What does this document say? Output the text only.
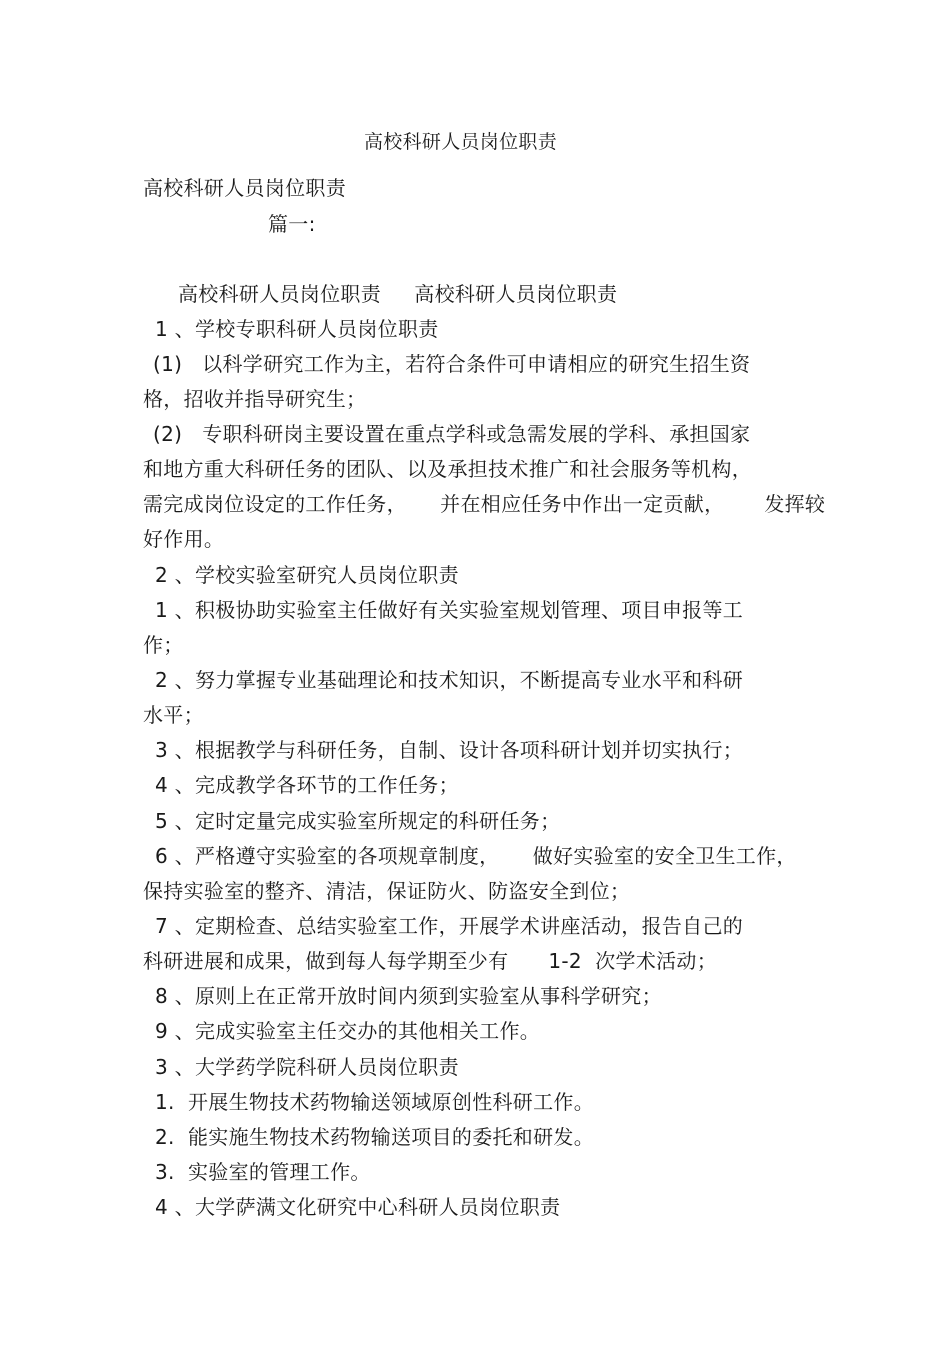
高校科研人员岗位职责
高校科研人员岗位职责
篇一:
高校科研人员岗位职责     高校科研人员岗位职责
1 、学校专职科研人员岗位职责
(1)   以科学研究工作为主，若符合条件可申请相应的研究生招生资
格，招收并指导研究生；
(2)   专职科研岗主要设置在重点学科或急需发展的学科、承担国家
和地方重大科研任务的团队、以及承担技术推广和社会服务等机构，
需完成岗位设定的工作任务，     并在相应任务中作出一定贡献，      发挥较
好作用。
2 、学校实验室研究人员岗位职责
1 、积极协助实验室主任做好有关实验室规划管理、项目申报等工
作；
2 、努力掌握专业基础理论和技术知识，不断提高专业水平和科研
水平；
3 、根据教学与科研任务，自制、设计各项科研计划并切实执行；
4 、完成教学各环节的工作任务；
5 、定时定量完成实验室所规定的科研任务；
6 、严格遵守实验室的各项规章制度，     做好实验室的安全卫生工作，
保持实验室的整齐、清洁，保证防火、防盗安全到位；
7 、定期检查、总结实验室工作，开展学术讲座活动，报告自己的
科研进展和成果，做到每人每学期至少有      1-2  次学术活动；
8 、原则上在正常开放时间内须到实验室从事科学研究；
9 、完成实验室主任交办的其他相关工作。
3 、大学药学院科研人员岗位职责
1.  开展生物技术药物输送领域原创性科研工作。
2.  能实施生物技术药物输送项目的委托和研发。
3.  实验室的管理工作。
4 、大学萨满文化研究中心科研人员岗位职责
